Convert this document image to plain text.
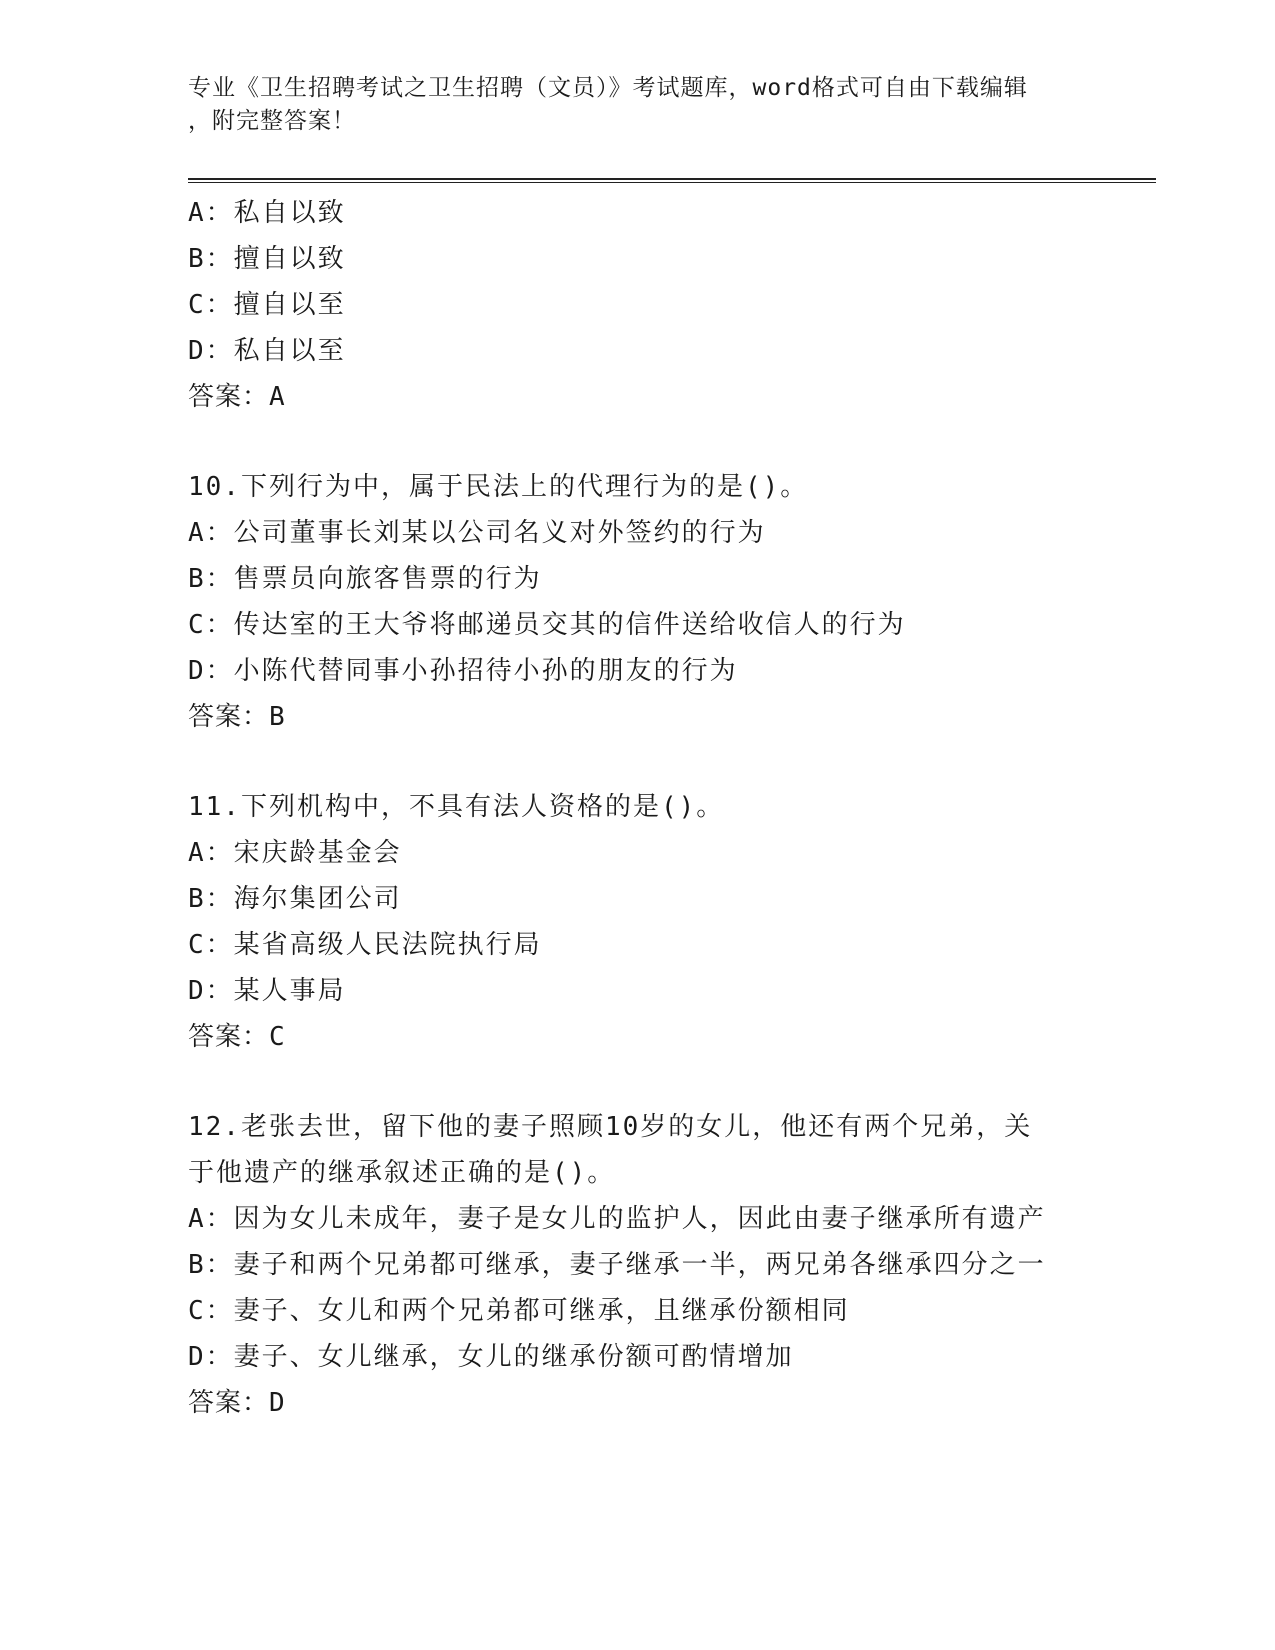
专业《卫生招聘考试之卫生招聘（文员）》考试题库，word格式可自由下载编辑
，附完整答案！
A：私自以致
B：擅自以致
C：擅自以至
D：私自以至
答案：A
10.下列行为中，属于民法上的代理行为的是()。
A：公司董事长刘某以公司名义对外签约的行为
B：售票员向旅客售票的行为
C：传达室的王大爷将邮递员交其的信件送给收信人的行为
D：小陈代替同事小孙招待小孙的朋友的行为
答案：B
11.下列机构中，不具有法人资格的是()。
A：宋庆龄基金会
B：海尔集团公司
C：某省高级人民法院执行局
D：某人事局
答案：C
12.老张去世，留下他的妻子照顾10岁的女儿，他还有两个兄弟，关
于他遗产的继承叙述正确的是()。
A：因为女儿未成年，妻子是女儿的监护人，因此由妻子继承所有遗产
B：妻子和两个兄弟都可继承，妻子继承一半，两兄弟各继承四分之一
C：妻子、女儿和两个兄弟都可继承，且继承份额相同
D：妻子、女儿继承，女儿的继承份额可酌情增加
答案：D
